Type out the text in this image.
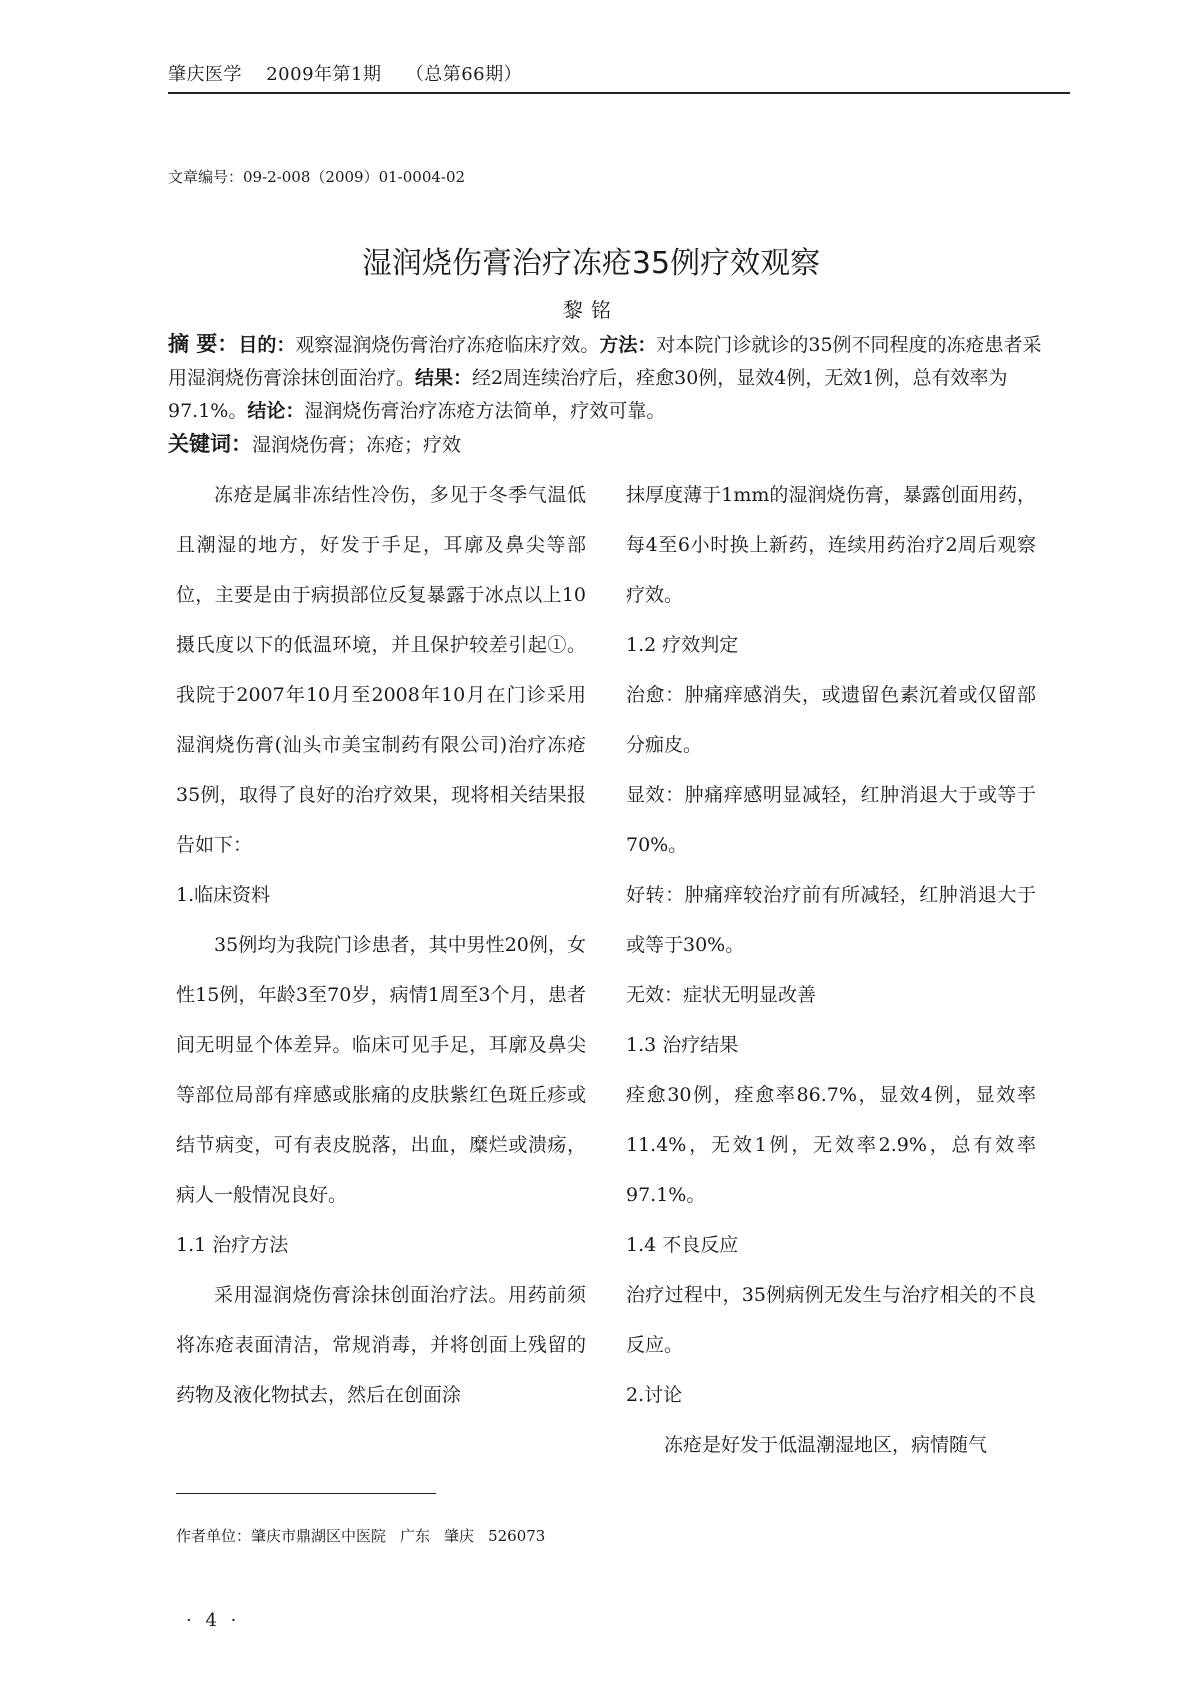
肇庆医学 2009年第1期 （总第66期）
文章编号：09-2-008（2009）01-0004-02
湿润烧伤膏治疗冻疮35例疗效观察
黎铭
摘 要：目的：观察湿润烧伤膏治疗冻疮临床疗效。方法：对本院门诊就诊的35例不同程度的冻疮患者采用湿润烧伤膏涂抹创面治疗。结果：经2周连续治疗后，痊愈30例，显效4例，无效1例，总有效率为97.1%。结论：湿润烧伤膏治疗冻疮方法简单，疗效可靠。
关键词：湿润烧伤膏；冻疮；疗效

冻疮是属非冻结性冷伤，多见于冬季气温低且潮湿的地方，好发于手足，耳廓及鼻尖等部位，主要是由于病损部位反复暴露于冰点以上10摄氏度以下的低温环境，并且保护较差引起①。我院于2007年10月至2008年10月在门诊采用湿润烧伤膏(汕头市美宝制药有限公司)治疗冻疮35例，取得了良好的治疗效果，现将相关结果报告如下：

1.临床资料

35例均为我院门诊患者，其中男性20例，女性15例，年龄3至70岁，病情1周至3个月，患者间无明显个体差异。临床可见手足，耳廓及鼻尖等部位局部有痒感或胀痛的皮肤紫红色斑丘疹或结节病变，可有表皮脱落，出血，糜烂或溃疡，病人一般情况良好。

1.1 治疗方法

采用湿润烧伤膏涂抹创面治疗法。用药前须将冻疮表面清洁，常规消毒，并将创面上残留的药物及液化物拭去，然后在创面涂

抹厚度薄于1mm的湿润烧伤膏，暴露创面用药，每4至6小时换上新药，连续用药治疗2周后观察疗效。

1.2 疗效判定

治愈：肿痛痒感消失，或遗留色素沉着或仅留部分痂皮。

显效：肿痛痒感明显减轻，红肿消退大于或等于70%。

好转：肿痛痒较治疗前有所减轻，红肿消退大于或等于30%。

无效：症状无明显改善

1.3 治疗结果

痊愈30例，痊愈率86.7%，显效4例，显效率11.4%，无效1例，无效率2.9%，总有效率97.1%。

1.4 不良反应

治疗过程中，35例病例无发生与治疗相关的不良反应。

2.讨论

冻疮是好发于低温潮湿地区，病情随气

作者单位：肇庆市鼎湖区中医院 广东 肇庆 526073
· 4 ·
